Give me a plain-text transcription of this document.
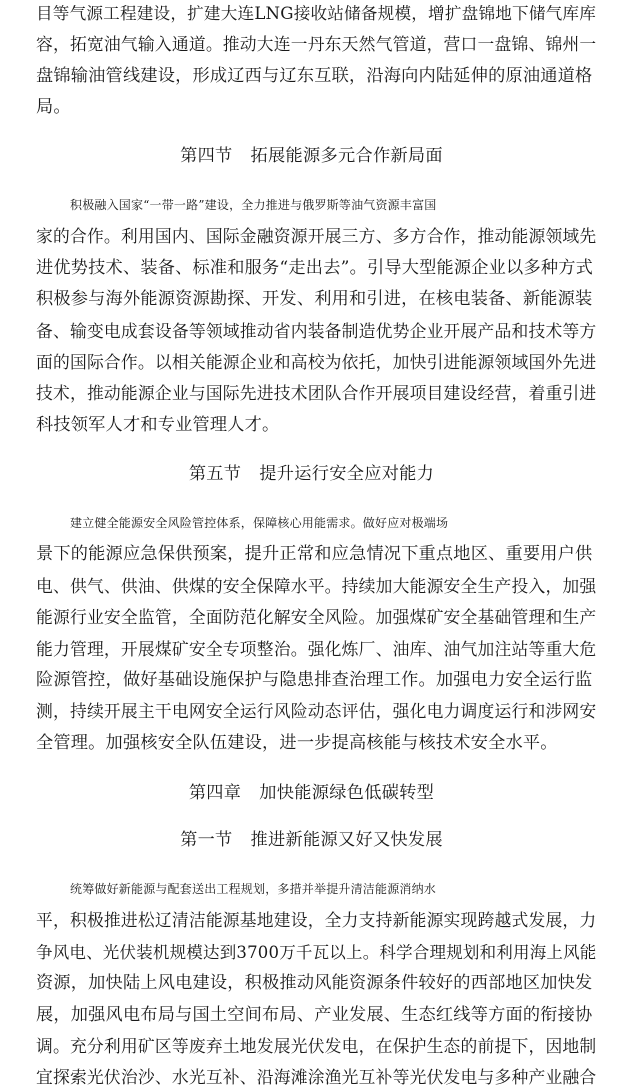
目等气源工程建设，扩建大连LNG接收站储备规模，增扩盘锦地下储气库库
容，拓宽油气输入通道。推动大连一丹东天然气管道，营口一盘锦、锦州一
盘锦输油管线建设，形成辽西与辽东互联，沿海向内陆延伸的原油通道格
局。
第四节 拓展能源多元合作新局面
积极融入国家“一带一路”建设，全力推进与俄罗斯等油气资源丰富国
家的合作。利用国内、国际金融资源开展三方、多方合作，推动能源领域先
进优势技术、装备、标准和服务“走出去”。引导大型能源企业以多种方式
积极参与海外能源资源勘探、开发、利用和引进，在核电装备、新能源装
备、输变电成套设备等领域推动省内装备制造优势企业开展产品和技术等方
面的国际合作。以相关能源企业和高校为依托，加快引进能源领域国外先进
技术，推动能源企业与国际先进技术团队合作开展项目建设经营，着重引进
科技领军人才和专业管理人才。
第五节 提升运行安全应对能力
建立健全能源安全风险管控体系，保障核心用能需求。做好应对极端场
景下的能源应急保供预案，提升正常和应急情况下重点地区、重要用户供
电、供气、供油、供煤的安全保障水平。持续加大能源安全生产投入，加强
能源行业安全监管，全面防范化解安全风险。加强煤矿安全基础管理和生产
能力管理，开展煤矿安全专项整治。强化炼厂、油库、油气加注站等重大危
险源管控，做好基础设施保护与隐患排查治理工作。加强电力安全运行监
测，持续开展主干电网安全运行风险动态评估，强化电力调度运行和涉网安
全管理。加强核安全队伍建设，进一步提高核能与核技术安全水平。
第四章 加快能源绿色低碳转型
第一节 推进新能源又好又快发展
统筹做好新能源与配套送出工程规划，多措并举提升清洁能源消纳水
平，积极推进松辽清洁能源基地建设，全力支持新能源实现跨越式发展，力
争风电、光伏装机规模达到3700万千瓦以上。科学合理规划和利用海上风能
资源，加快陆上风电建设，积极推动风能资源条件较好的西部地区加快发
展，加强风电布局与国土空间布局、产业发展、生态红线等方面的衔接协
调。充分利用矿区等废弃土地发展光伏发电，在保护生态的前提下，因地制
宜探索光伏治沙、水光互补、沿海滩涂渔光互补等光伏发电与多种产业融合
